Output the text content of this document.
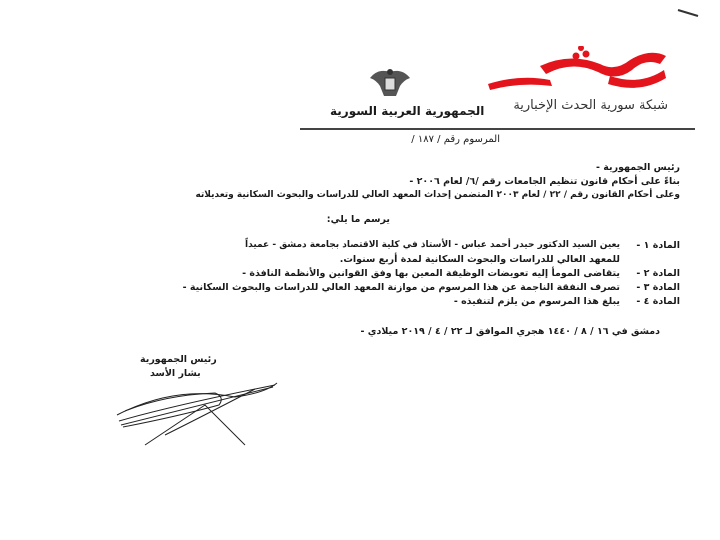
شبكة سورية الحدث الإخبارية
الجمهورية العربية السورية
المرسوم رقم / ١٨٧ /
رئيس الجمهورية -
بناءً على أحكام قانون تنظيم الجامعات رقم /٦/ لعام ٢٠٠٦ -
وعلى أحكام القانون رقم / ٢٢ / لعام ٢٠٠٣ المتضمن إحداث المعهد العالي للدراسات والبحوث السكانية وتعديلاته
يرسم ما يلي:
المادة ١ -
يعين السيد الدكتور حيدر أحمد عباس - الأستاذ في كلية الاقتصاد بجامعة دمشق - عميداً
للمعهد العالي للدراسات والبحوث السكانية لمدة أربع سنوات.
المادة ٢ -
يتقاضى المومأ إليه تعويضات الوظيفة المعين بها وفق القوانين والأنظمة النافذة -
المادة ٣ -
تصرف النفقة الناجمة عن هذا المرسوم من موازنة المعهد العالي للدراسات والبحوث السكانية -
المادة ٤ -
يبلغ هذا المرسوم من يلزم لتنفيذه -
دمشق في ١٦ / ٨ / ١٤٤٠ هجري الموافق لـ ٢٢ / ٤ / ٢٠١٩ ميلادي -
رئيس الجمهورية
بشار الأسد
